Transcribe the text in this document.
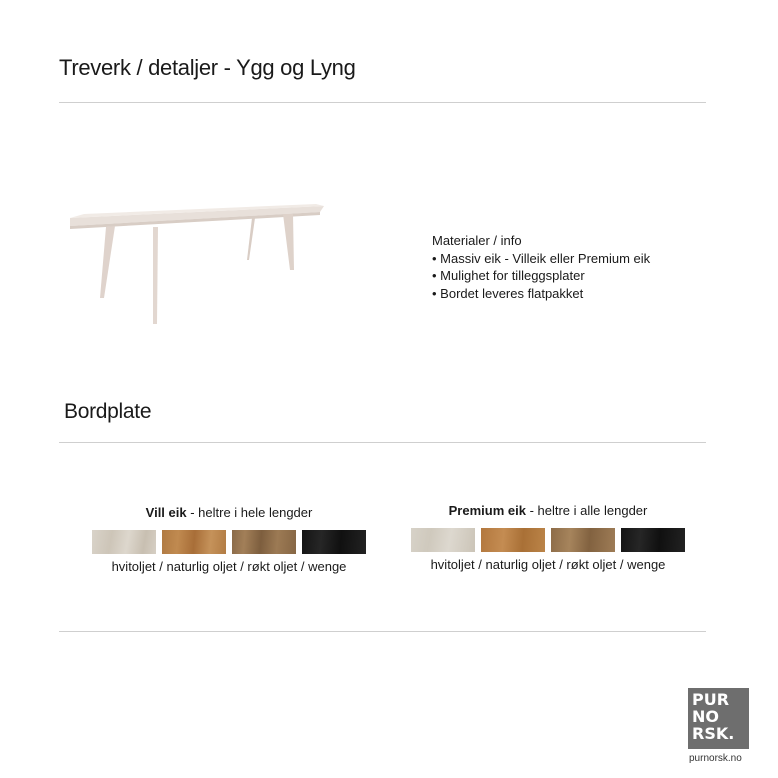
Treverk / detaljer - Ygg og Lyng
Materialer / info
• Massiv eik - Villeik eller Premium eik
• Mulighet for tilleggsplater
• Bordet leveres flatpakket
Bordplate
Vill eik - heltre i hele lengder
hvitoljet / naturlig oljet / røkt oljet / wenge
Premium eik - heltre i alle lengder
hvitoljet / naturlig oljet / røkt oljet / wenge
PUR
NO
RSK.
purnorsk.no
